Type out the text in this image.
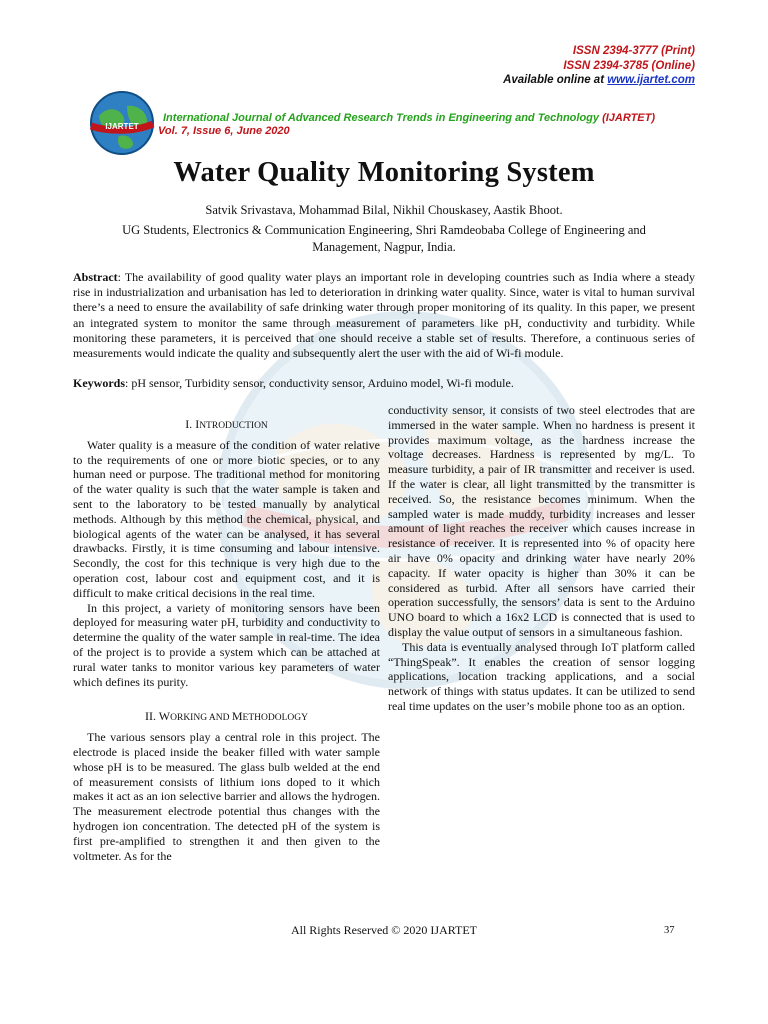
ISSN 2394-3777 (Print)
ISSN 2394-3785 (Online)
Available online at www.ijartet.com
IJARTET
International Journal of Advanced Research Trends in Engineering and Technology (IJARTET)
Vol. 7, Issue 6, June 2020
Water Quality Monitoring System
Satvik Srivastava, Mohammad Bilal, Nikhil Chouskasey, Aastik Bhoot.
UG Students, Electronics & Communication Engineering, Shri Ramdeobaba College of Engineering and Management, Nagpur, India.
Abstract: The availability of good quality water plays an important role in developing countries such as India where a steady rise in industrialization and urbanisation has led to deterioration in drinking water quality. Since, water is vital to human survival there’s a need to ensure the availability of safe drinking water through proper monitoring of its quality. In this paper, we present an integrated system to monitor the same through measurement of parameters like pH, conductivity and turbidity. While monitoring these parameters, it is perceived that one should receive a stable set of results. Therefore, a continuous series of measurements would indicate the quality and subsequently alert the user with the aid of Wi-fi module.
Keywords: pH sensor, Turbidity sensor, conductivity sensor, Arduino model, Wi-fi module.
I. INTRODUCTION

Water quality is a measure of the condition of water relative to the requirements of one or more biotic species, or to any human need or purpose. The traditional method for monitoring of the water quality is such that the water sample is taken and sent to the laboratory to be tested manually by analytical methods. Although by this method the chemical, physical, and biological agents of the water can be analysed, it has several drawbacks. Firstly, it is time consuming and labour intensive. Secondly, the cost for this technique is very high due to the operation cost, labour cost and equipment cost, and it is difficult to make critical decisions in the real time.

In this project, a variety of monitoring sensors have been deployed for measuring water pH, turbidity and conductivity to determine the quality of the water sample in real-time. The idea of the project is to provide a system which can be attached at rural water tanks to monitor various key parameters of water which defines its purity.

II. WORKING AND METHODOLOGY

The various sensors play a central role in this project. The electrode is placed inside the beaker filled with water sample whose pH is to be measured. The glass bulb welded at the end of measurement consists of lithium ions doped to it which makes it act as an ion selective barrier and allows the hydrogen. The measurement electrode potential thus changes with the hydrogen ion concentration. The detected pH of the system is first pre-amplified to strengthen it and then given to the voltmeter. As for the

conductivity sensor, it consists of two steel electrodes that are immersed in the water sample. When no hardness is present it provides maximum voltage, as the hardness increase the voltage decreases. Hardness is represented by mg/L. To measure turbidity, a pair of IR transmitter and receiver is used. If the water is clear, all light transmitted by the transmitter is received. So, the resistance becomes minimum. When the sampled water is made muddy, turbidity increases and lesser amount of light reaches the receiver which causes increase in resistance of receiver. It is represented into % of opacity here air have 0% opacity and drinking water have nearly 20% capacity. If water opacity is higher than 30% it can be considered as turbid. After all sensors have carried their operation successfully, the sensors’ data is sent to the Arduino UNO board to which a 16x2 LCD is connected that is used to display the value output of sensors in a simultaneous fashion.

This data is eventually analysed through IoT platform called “ThingSpeak”. It enables the creation of sensor logging applications, location tracking applications, and a social network of things with status updates. It can be utilized to send real time updates on the user’s mobile phone too as an option.

All Rights Reserved © 2020 IJARTET	37
